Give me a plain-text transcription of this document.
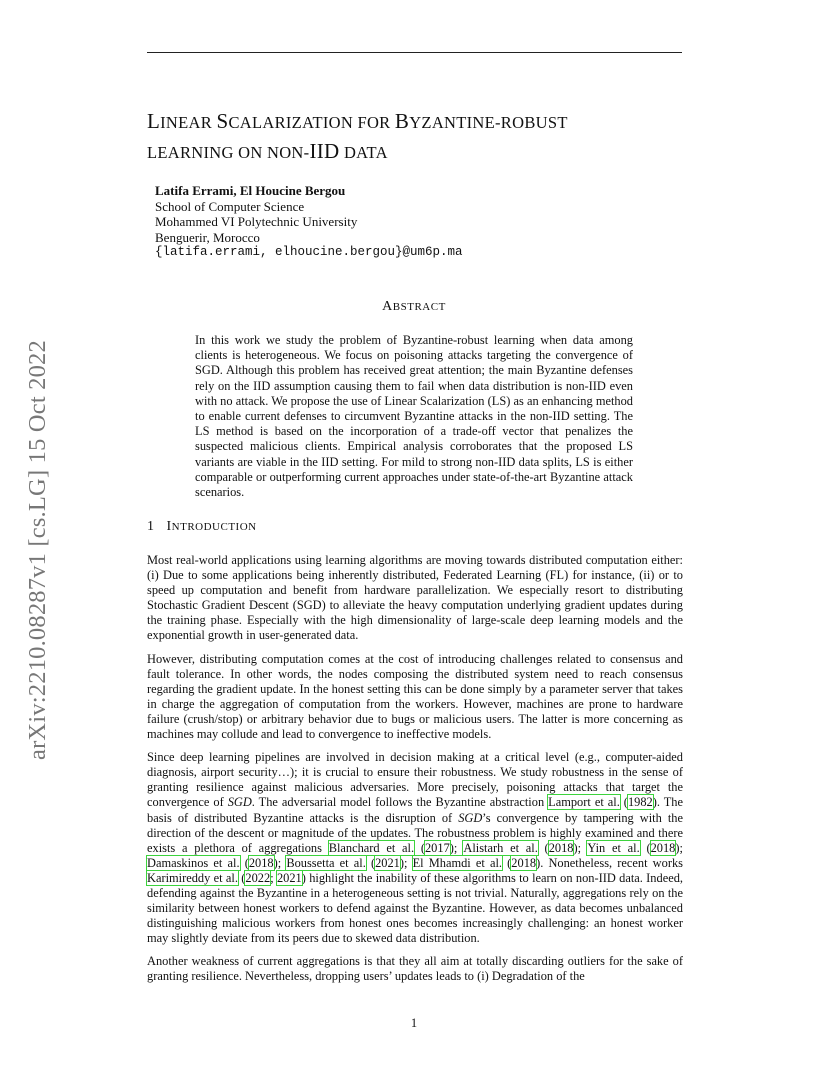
arXiv:2210.08287v1 [cs.LG] 15 Oct 2022
LINEAR SCALARIZATION FOR BYZANTINE-ROBUST
LEARNING ON NON-IID DATA
Latifa Errami, El Houcine Bergou
School of Computer Science
Mohammed VI Polytechnic University
Benguerir, Morocco
{latifa.errami, elhoucine.bergou}@um6p.ma
ABSTRACT

In this work we study the problem of Byzantine-robust learning when data among clients is heterogeneous. We focus on poisoning attacks targeting the convergence of SGD. Although this problem has received great attention; the main Byzantine defenses rely on the IID assumption causing them to fail when data distribution is non-IID even with no attack. We propose the use of Linear Scalarization (LS) as an enhancing method to enable current defenses to circumvent Byzantine attacks in the non-IID setting. The LS method is based on the incorporation of a trade-off vector that penalizes the suspected malicious clients. Empirical analysis corroborates that the proposed LS variants are viable in the IID setting. For mild to strong non-IID data splits, LS is either comparable or outperforming current approaches under state-of-the-art Byzantine attack scenarios.

1 INTRODUCTION

Most real-world applications using learning algorithms are moving towards distributed computation either: (i) Due to some applications being inherently distributed, Federated Learning (FL) for instance, (ii) or to speed up computation and benefit from hardware parallelization. We especially resort to distributing Stochastic Gradient Descent (SGD) to alleviate the heavy computation underlying gradient updates during the training phase. Especially with the high dimensionality of large-scale deep learning models and the exponential growth in user-generated data.

However, distributing computation comes at the cost of introducing challenges related to consensus and fault tolerance. In other words, the nodes composing the distributed system need to reach consensus regarding the gradient update. In the honest setting this can be done simply by a parameter server that takes in charge the aggregation of computation from the workers. However, machines are prone to hardware failure (crush/stop) or arbitrary behavior due to bugs or malicious users. The latter is more concerning as machines may collude and lead to convergence to ineffective models.

Since deep learning pipelines are involved in decision making at a critical level (e.g., computer-aided diagnosis, airport security…); it is crucial to ensure their robustness. We study robustness in the sense of granting resilience against malicious adversaries. More precisely, poisoning attacks that target the convergence of SGD. The adversarial model follows the Byzantine abstraction Lamport et al. (1982). The basis of distributed Byzantine attacks is the disruption of SGD’s convergence by tampering with the direction of the descent or magnitude of the updates. The robustness problem is highly examined and there exists a plethora of aggregations Blanchard et al. (2017); Alistarh et al. (2018); Yin et al. (2018); Damaskinos et al. (2018); Boussetta et al. (2021); El Mhamdi et al. (2018). Nonetheless, recent works Karimireddy et al. (2022; 2021) highlight the inability of these algorithms to learn on non-IID data. Indeed, defending against the Byzantine in a heterogeneous setting is not trivial. Naturally, aggregations rely on the similarity between honest workers to defend against the Byzantine. However, as data becomes unbalanced distinguishing malicious workers from honest ones becomes increasingly challenging: an honest worker may slightly deviate from its peers due to skewed data distribution.

Another weakness of current aggregations is that they all aim at totally discarding outliers for the sake of granting resilience. Nevertheless, dropping users’ updates leads to (i) Degradation of the

1
